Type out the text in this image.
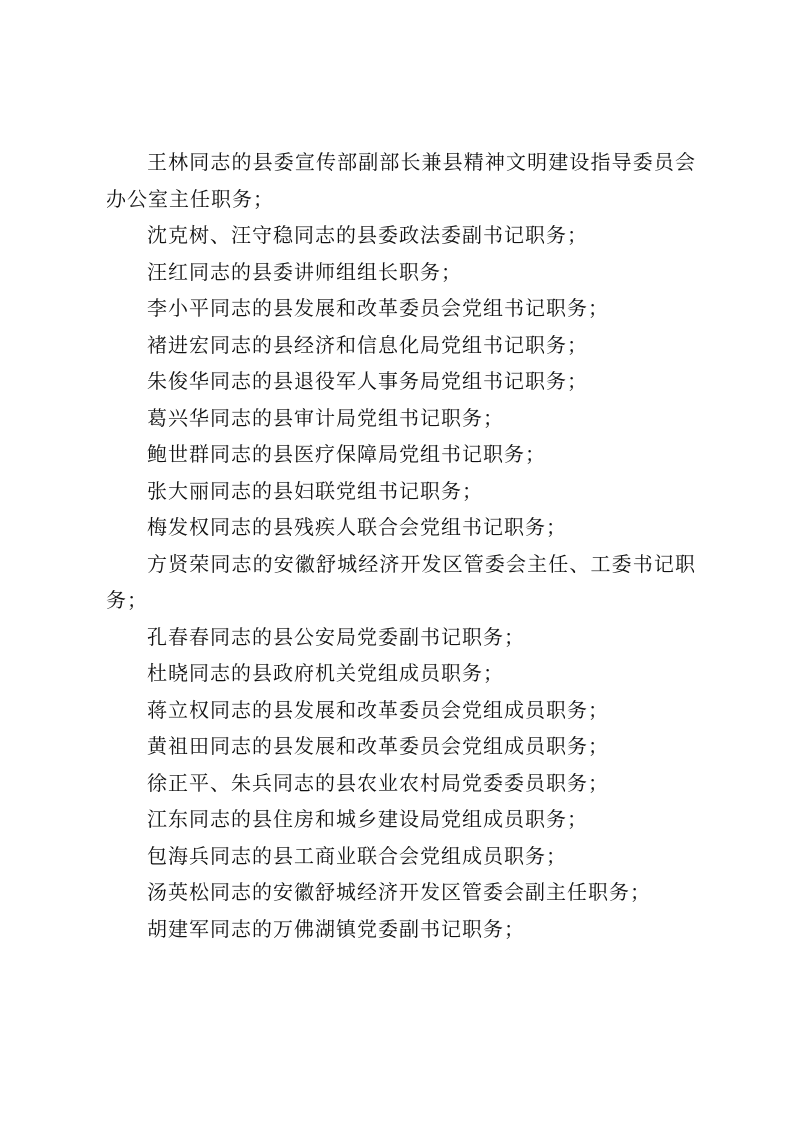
王林同志的县委宣传部副部长兼县精神文明建设指导委员会办公室主任职务；

沈克树、汪守稳同志的县委政法委副书记职务；

汪红同志的县委讲师组组长职务；

李小平同志的县发展和改革委员会党组书记职务；

褚进宏同志的县经济和信息化局党组书记职务；

朱俊华同志的县退役军人事务局党组书记职务；

葛兴华同志的县审计局党组书记职务；

鲍世群同志的县医疗保障局党组书记职务；

张大丽同志的县妇联党组书记职务；

梅发权同志的县残疾人联合会党组书记职务；

方贤荣同志的安徽舒城经济开发区管委会主任、工委书记职务；

孔春春同志的县公安局党委副书记职务；

杜晓同志的县政府机关党组成员职务；

蒋立权同志的县发展和改革委员会党组成员职务；

黄祖田同志的县发展和改革委员会党组成员职务；

徐正平、朱兵同志的县农业农村局党委委员职务；

江东同志的县住房和城乡建设局党组成员职务；

包海兵同志的县工商业联合会党组成员职务；

汤英松同志的安徽舒城经济开发区管委会副主任职务；

胡建军同志的万佛湖镇党委副书记职务；
